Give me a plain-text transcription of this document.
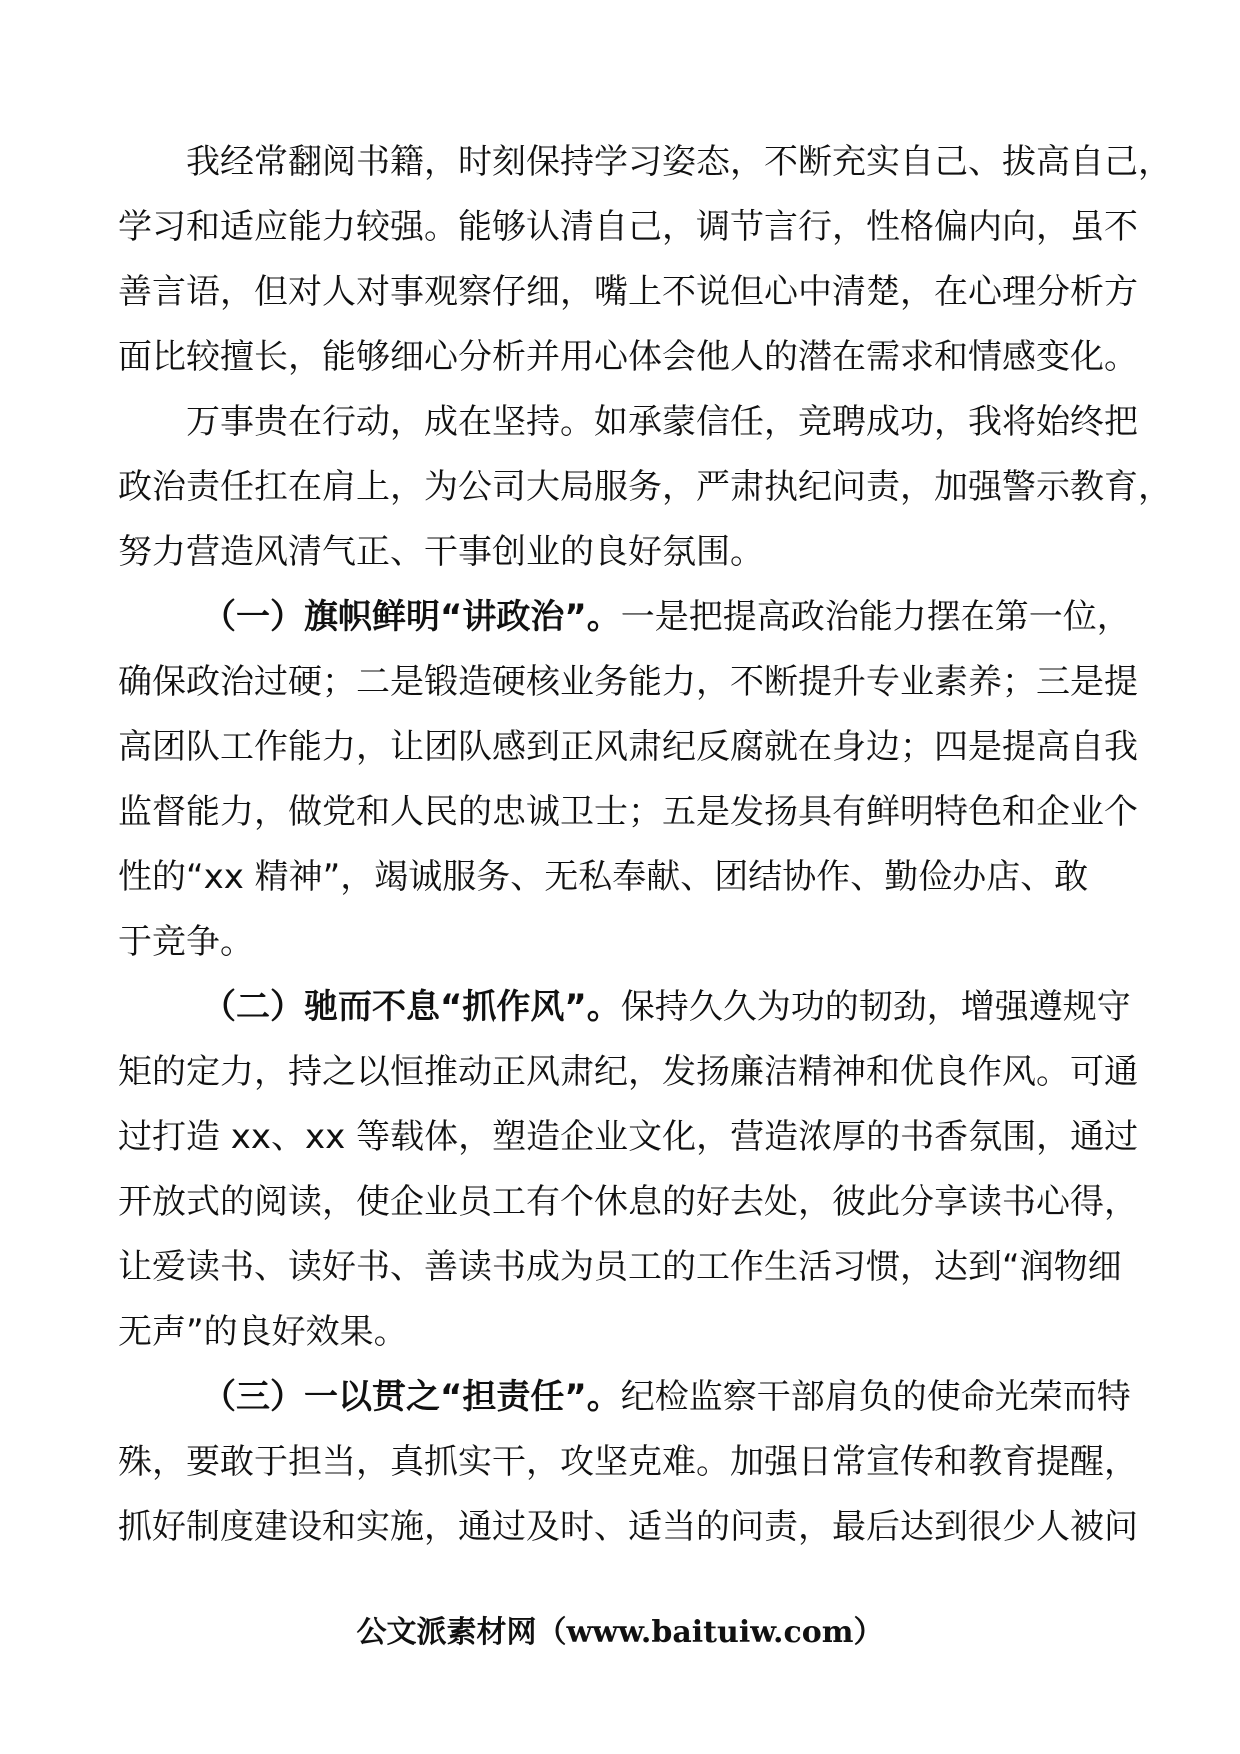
我经常翻阅书籍，时刻保持学习姿态，不断充实自己、拔高自己，
学习和适应能力较强。能够认清自己，调节言行，性格偏内向，虽不
善言语，但对人对事观察仔细，嘴上不说但心中清楚，在心理分析方
面比较擅长，能够细心分析并用心体会他人的潜在需求和情感变化。
万事贵在行动，成在坚持。如承蒙信任，竞聘成功，我将始终把
政治责任扛在肩上，为公司大局服务，严肃执纪问责，加强警示教育，
努力营造风清气正、干事创业的良好氛围。
（一）旗帜鲜明“讲政治”。一是把提高政治能力摆在第一位，
确保政治过硬；二是锻造硬核业务能力，不断提升专业素养；三是提
高团队工作能力，让团队感到正风肃纪反腐就在身边；四是提高自我
监督能力，做党和人民的忠诚卫士；五是发扬具有鲜明特色和企业个
性的“xx 精神”，竭诚服务、无私奉献、团结协作、勤俭办店、敢
于竞争。
（二）驰而不息“抓作风”。保持久久为功的韧劲，增强遵规守
矩的定力，持之以恒推动正风肃纪，发扬廉洁精神和优良作风。可通
过打造 xx、xx 等载体，塑造企业文化，营造浓厚的书香氛围，通过
开放式的阅读，使企业员工有个休息的好去处，彼此分享读书心得，
让爱读书、读好书、善读书成为员工的工作生活习惯，达到“润物细
无声”的良好效果。
（三）一以贯之“担责任”。纪检监察干部肩负的使命光荣而特
殊，要敢于担当，真抓实干，攻坚克难。加强日常宣传和教育提醒，
抓好制度建设和实施，通过及时、适当的问责，最后达到很少人被问
公文派素材网（www.baituiw.com）
